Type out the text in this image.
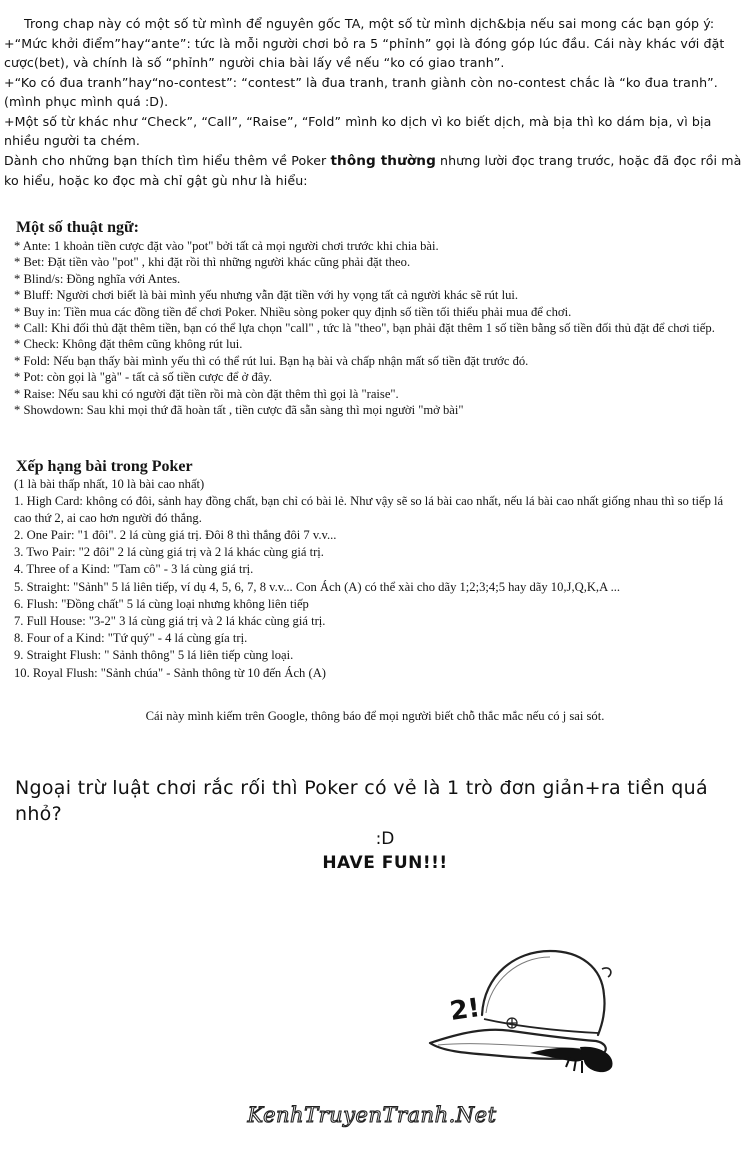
Trong chap này có một số từ mình để nguyên gốc TA, một số từ mình dịch&bịa nếu sai mong các bạn góp ý:

+“Mức khởi điểm”hay“ante”: tức là mỗi người chơi bỏ ra 5 “phỉnh” gọi là đóng góp lúc đầu. Cái này khác với đặt cược(bet), và chính là số “phỉnh” người chia bài lấy về nếu “ko có giao tranh”.

+“Ko có đua tranh”hay“no-contest”: “contest” là đua tranh, tranh giành còn no-contest chắc là “ko đua tranh”. (mình phục mình quá :D).

+Một số từ khác như “Check”, “Call”, “Raise”, “Fold” mình ko dịch vì ko biết dịch, mà bịa thì ko dám bịa, vì bịa nhiều người ta chém.

Dành cho những bạn thích tìm hiểu thêm về Poker thông thường nhưng lười đọc trang trước, hoặc đã đọc rồi mà ko hiểu, hoặc ko đọc mà chỉ gật gù như là hiểu:

Một số thuật ngữ:
* Ante: 1 khoản tiền cược đặt vào "pot" bởi tất cả mọi người chơi trước khi chia bài.
* Bet: Đặt tiền vào "pot" , khi đặt rồi thì những người khác cũng phải đặt theo.
* Blind/s: Đồng nghĩa với Antes.
* Bluff: Người chơi biết là bài mình yếu nhưng vẫn đặt tiền với hy vọng tất cả người khác sẽ rút lui.
* Buy in: Tiền mua các đồng tiền để chơi Poker. Nhiều sòng poker quy định số tiền tối thiểu phải mua để chơi.
* Call: Khi đối thủ đặt thêm tiền, bạn có thể lựa chọn "call" , tức là "theo", bạn phải đặt thêm 1 số tiền bằng số tiền đối thủ đặt để chơi tiếp.
* Check: Không đặt thêm cũng không rút lui.
* Fold: Nếu bạn thấy bài mình yếu thì có thể rút lui. Bạn hạ bài và chấp nhận mất số tiền đặt trước đó.
* Pot: còn gọi là "gà" - tất cả số tiền cược để ở đây.
* Raise: Nếu sau khi có người đặt tiền rồi mà còn đặt thêm thì gọi là "raise".
* Showdown: Sau khi mọi thứ đã hoàn tất , tiền cược đã sẵn sàng thì mọi người "mở bài"
Xếp hạng bài trong Poker

(1 là bài thấp nhất, 10 là bài cao nhất)

1. High Card: không có đôi, sảnh hay đồng chất, bạn chỉ có bài lẻ. Như vậy sẽ so lá bài cao nhất, nếu lá bài cao nhất giống nhau thì so tiếp lá cao thứ 2, ai cao hơn người đó thắng.
2. One Pair: "1 đôi". 2 lá cùng giá trị. Đôi 8 thì thắng đôi 7 v.v...
3. Two Pair: "2 đôi" 2 lá cùng giá trị và 2 lá khác cùng giá trị.
4. Three of a Kind: "Tam cô" - 3 lá cùng giá trị.
5. Straight: "Sảnh" 5 lá liên tiếp, ví dụ 4, 5, 6, 7, 8 v.v... Con Ách (A) có thể xài cho dãy 1;2;3;4;5 hay dãy 10,J,Q,K,A ...
6. Flush: "Đồng chất" 5 lá cùng loại nhưng không liên tiếp
7. Full House: "3-2" 3 lá cùng giá trị và 2 lá khác cùng giá trị.
8. Four of a Kind: "Tứ quý" - 4 lá cùng gía trị.
9. Straight Flush: " Sảnh thông" 5 lá liên tiếp cùng loại.
10. Royal Flush: "Sảnh chúa" - Sảnh thông từ 10 đến Ách (A)
Cái này mình kiếm trên Google, thông báo để mọi người biết chỗ thắc mắc nếu có j sai sót.

Ngoại trừ luật chơi rắc rối thì Poker có vẻ là 1 trò đơn giản+ra tiền quá nhỏ?

:D

HAVE FUN!!!

2!
KenhTruyenTranh.Net
